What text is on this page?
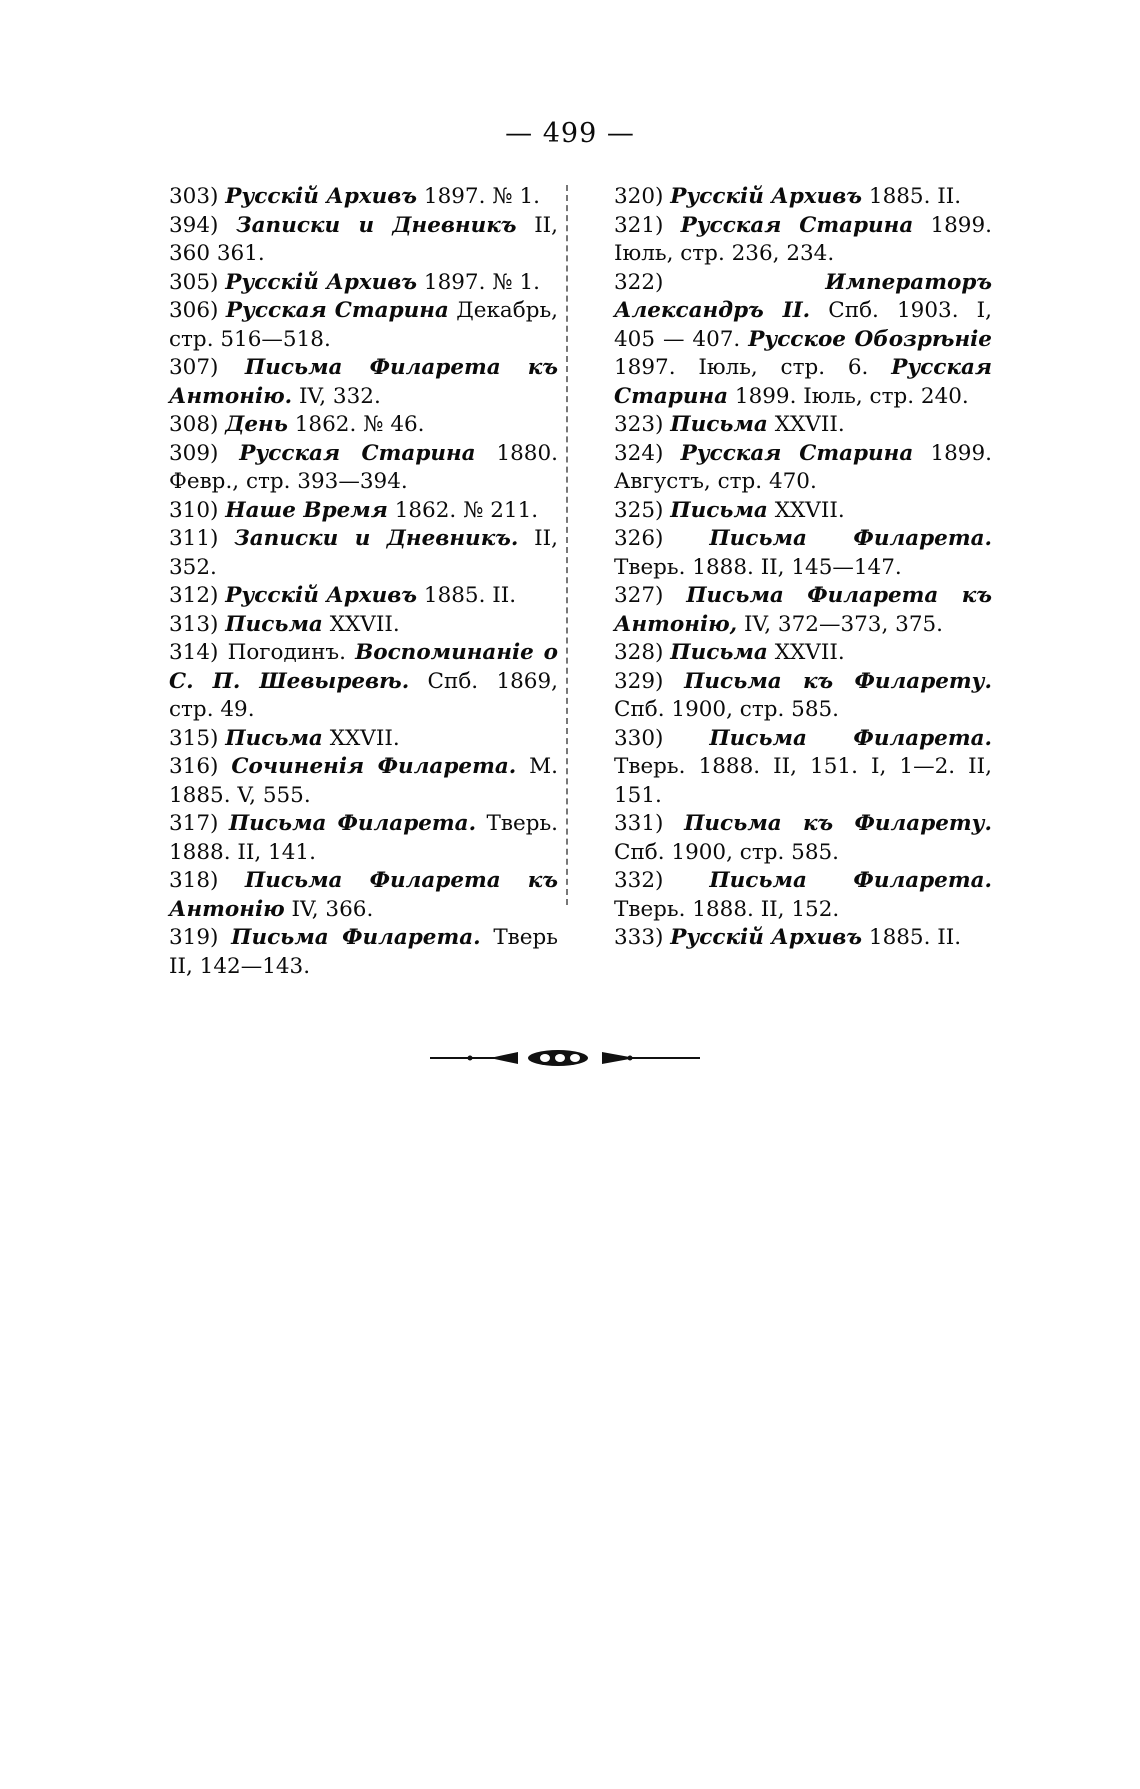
— 499 —

303) Русскій Архивъ 1897. № 1.

394) Записки и Дневникъ II, 360 361.

305) Русскій Архивъ 1897. № 1.

306) Русская Старина Декабрь, стр. 516—518.

307) Письма Филарета къ Антонію. IV, 332.

308) День 1862. № 46.

309) Русская Старина 1880. Февр., стр. 393—394.

310) Наше Время 1862. № 211.

311) Записки и Дневникъ. II, 352.

312) Русскій Архивъ 1885. II.

313) Письма XXVII.

314) Погодинъ. Воспоминаніе о С. П. Шевыревѣ. Спб. 1869, стр. 49.

315) Письма XXVII.

316) Сочиненія Филарета. М. 1885. V, 555.

317) Письма Филарета. Тверь. 1888. II, 141.

318) Письма Филарета къ Антонію IV, 366.

319) Письма Филарета. Тверь II, 142—143.

320) Русскій Архивъ 1885. II.

321) Русская Старина 1899. Іюль, стр. 236, 234.

322) Императоръ Александръ II. Спб. 1903. I, 405 — 407. Русское Обозрѣніе 1897. Іюль, стр. 6. Русская Старина 1899. Іюль, стр. 240.

323) Письма XXVII.

324) Русская Старина 1899. Августъ, стр. 470.

325) Письма XXVII.

326) Письма Филарета. Тверь. 1888. II, 145—147.

327) Письма Филарета къ Антонію, IV, 372—373, 375.

328) Письма XXVII.

329) Письма къ Филарету. Спб. 1900, стр. 585.

330) Письма Филарета. Тверь. 1888. II, 151. I, 1—2. II, 151.

331) Письма къ Филарету. Спб. 1900, стр. 585.

332) Письма Филарета. Тверь. 1888. II, 152.

333) Русскій Архивъ 1885. II.
